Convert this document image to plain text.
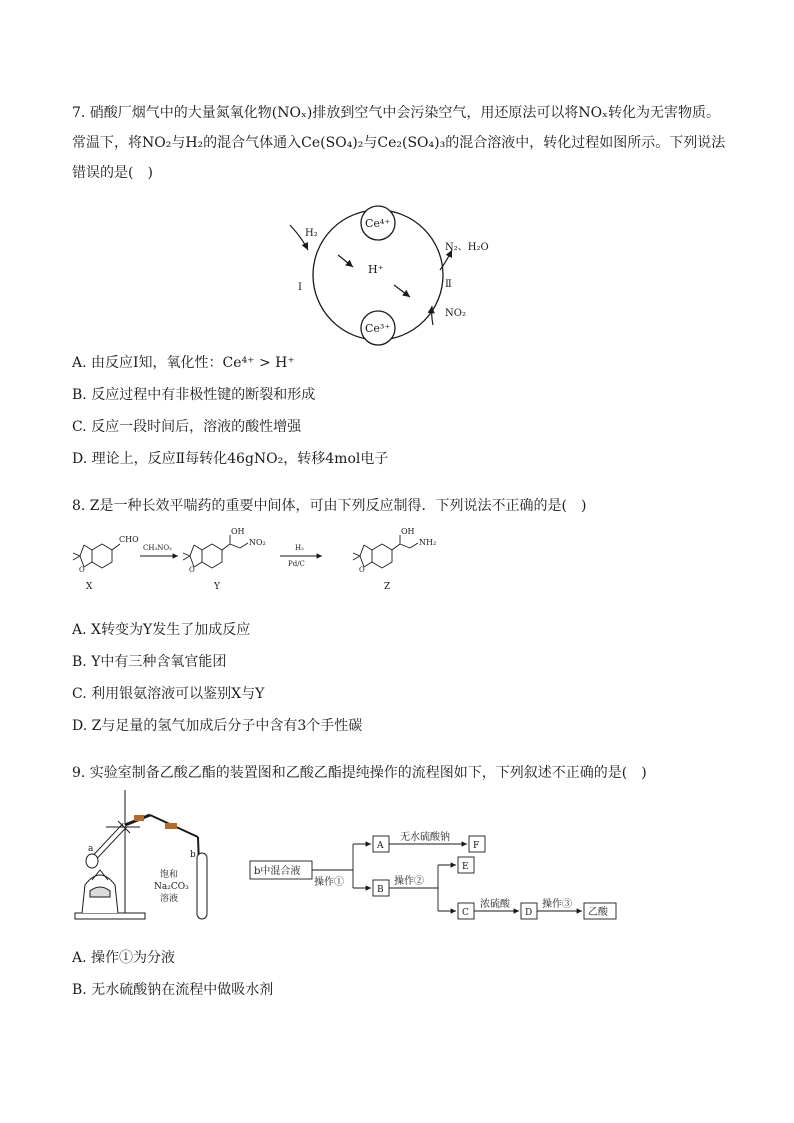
7. 硝酸厂烟气中的大量氮氧化物(NOₓ)排放到空气中会污染空气，用还原法可以将NOₓ转化为无害物质。常温下，将NO₂与H₂的混合气体通入Ce(SO₄)₂与Ce₂(SO₄)₃的混合溶液中，转化过程如图所示。下列说法错误的是(　)
Ce⁴⁺
Ce³⁺
H₂
H⁺
N₂、H₂O
Ⅱ
I
NO₂
A. 由反应Ⅰ知，氧化性：Ce⁴⁺ > H⁺
B. 反应过程中有非极性键的断裂和形成
C. 反应一段时间后，溶液的酸性增强
D. 理论上，反应Ⅱ每转化46gNO₂，转移4mol电子
8. Z是一种长效平喘药的重要中间体，可由下列反应制得．下列说法不正确的是(　)
O
CHO
X
CH₃NO₂
OH
NO₂
O
Y
H₂
Pd/C
OH
NH₂
O
Z
A. X转变为Y发生了加成反应
B. Y中有三种含氧官能团
C. 利用银氨溶液可以鉴别X与Y
D. Z与足量的氢气加成后分子中含有3个手性碳
9. 实验室制备乙酸乙酯的装置图和乙酸乙酯提纯操作的流程图如下，下列叙述不正确的是(　)
a
b
饱和
Na₂CO₃
溶液
b中混合液
操作①
A
B
E
C
F
D	乙酸
无水硫酸钠
操作②
浓硫酸	操作③
A. 操作①为分液
B. 无水硫酸钠在流程中做吸水剂
